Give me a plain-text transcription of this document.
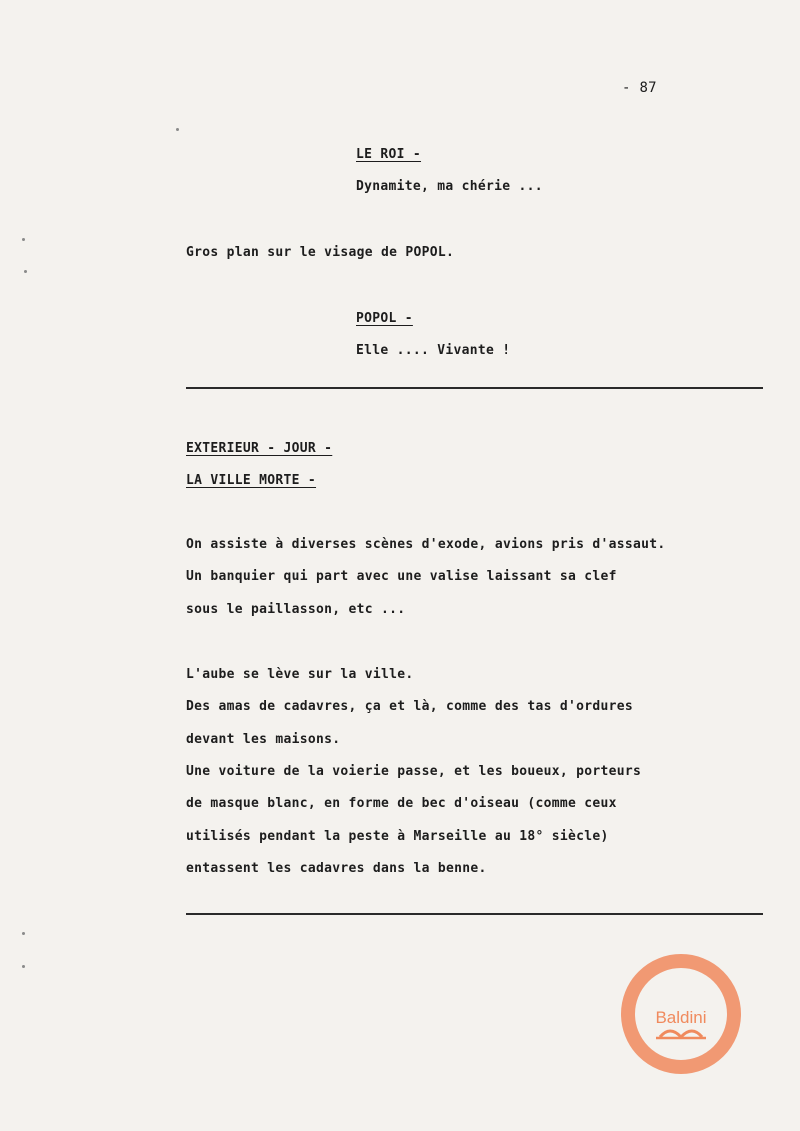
- 87
LE ROI -
Dynamite, ma chérie ...
Gros plan sur le visage de POPOL.
POPOL -
Elle .... Vivante !
EXTERIEUR - JOUR -
LA VILLE MORTE -
On assiste à diverses scènes d'exode, avions pris d'assaut.
Un banquier qui part avec une valise laissant sa clef
sous le paillasson, etc ...
L'aube se lève sur la ville.
Des amas de cadavres, ça et là, comme des tas d'ordures
devant les maisons.
Une voiture de la voierie passe, et les boueux, porteurs
de masque blanc, en forme de bec d'oiseau (comme ceux
utilisés pendant la peste à Marseille au 18° siècle)
entassent les cadavres dans la benne.
Baldini
